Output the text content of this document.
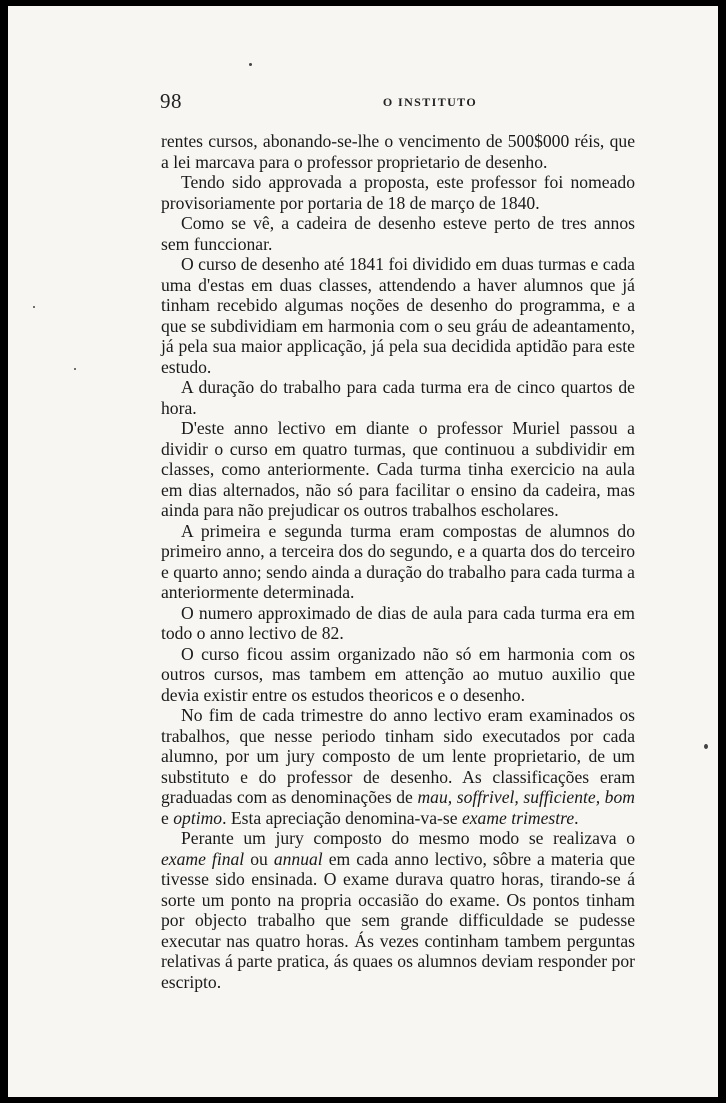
98	O INSTITUTO

rentes cursos, abonando-se-lhe o vencimento de 500$000 réis, que a lei marcava para o professor proprietario de desenho.

Tendo sido approvada a proposta, este professor foi nomeado provisoriamente por portaria de 18 de março de 1840.

Como se vê, a cadeira de desenho esteve perto de tres annos sem funccionar.

O curso de desenho até 1841 foi dividido em duas turmas e cada uma d'estas em duas classes, attendendo a haver alumnos que já tinham recebido algumas noções de desenho do programma, e a que se subdividiam em harmonia com o seu gráu de adeantamento, já pela sua maior applicação, já pela sua decidida aptidão para este estudo.

A duração do trabalho para cada turma era de cinco quartos de hora.

D'este anno lectivo em diante o professor Muriel passou a dividir o curso em quatro turmas, que continuou a subdividir em classes, como anteriormente. Cada turma tinha exercicio na aula em dias alternados, não só para facilitar o ensino da cadeira, mas ainda para não prejudicar os outros trabalhos escholares.

A primeira e segunda turma eram compostas de alumnos do primeiro anno, a terceira dos do segundo, e a quarta dos do terceiro e quarto anno; sendo ainda a duração do trabalho para cada turma a anteriormente determinada.

O numero approximado de dias de aula para cada turma era em todo o anno lectivo de 82.

O curso ficou assim organizado não só em harmonia com os outros cursos, mas tambem em attenção ao mutuo auxilio que devia existir entre os estudos theoricos e o desenho.

No fim de cada trimestre do anno lectivo eram examinados os trabalhos, que nesse periodo tinham sido executados por cada alumno, por um jury composto de um lente proprietario, de um substituto e do professor de desenho. As classificações eram graduadas com as denominações de mau, soffrivel, sufficiente, bom e optimo. Esta apreciação denomina-va-se exame trimestre.

Perante um jury composto do mesmo modo se realizava o exame final ou annual em cada anno lectivo, sôbre a materia que tivesse sido ensinada. O exame durava quatro horas, tirando-se á sorte um ponto na propria occasião do exame. Os pontos tinham por objecto trabalho que sem grande difficuldade se pudesse executar nas quatro horas. Ás vezes continham tambem perguntas relativas á parte pratica, ás quaes os alumnos deviam responder por escripto.
